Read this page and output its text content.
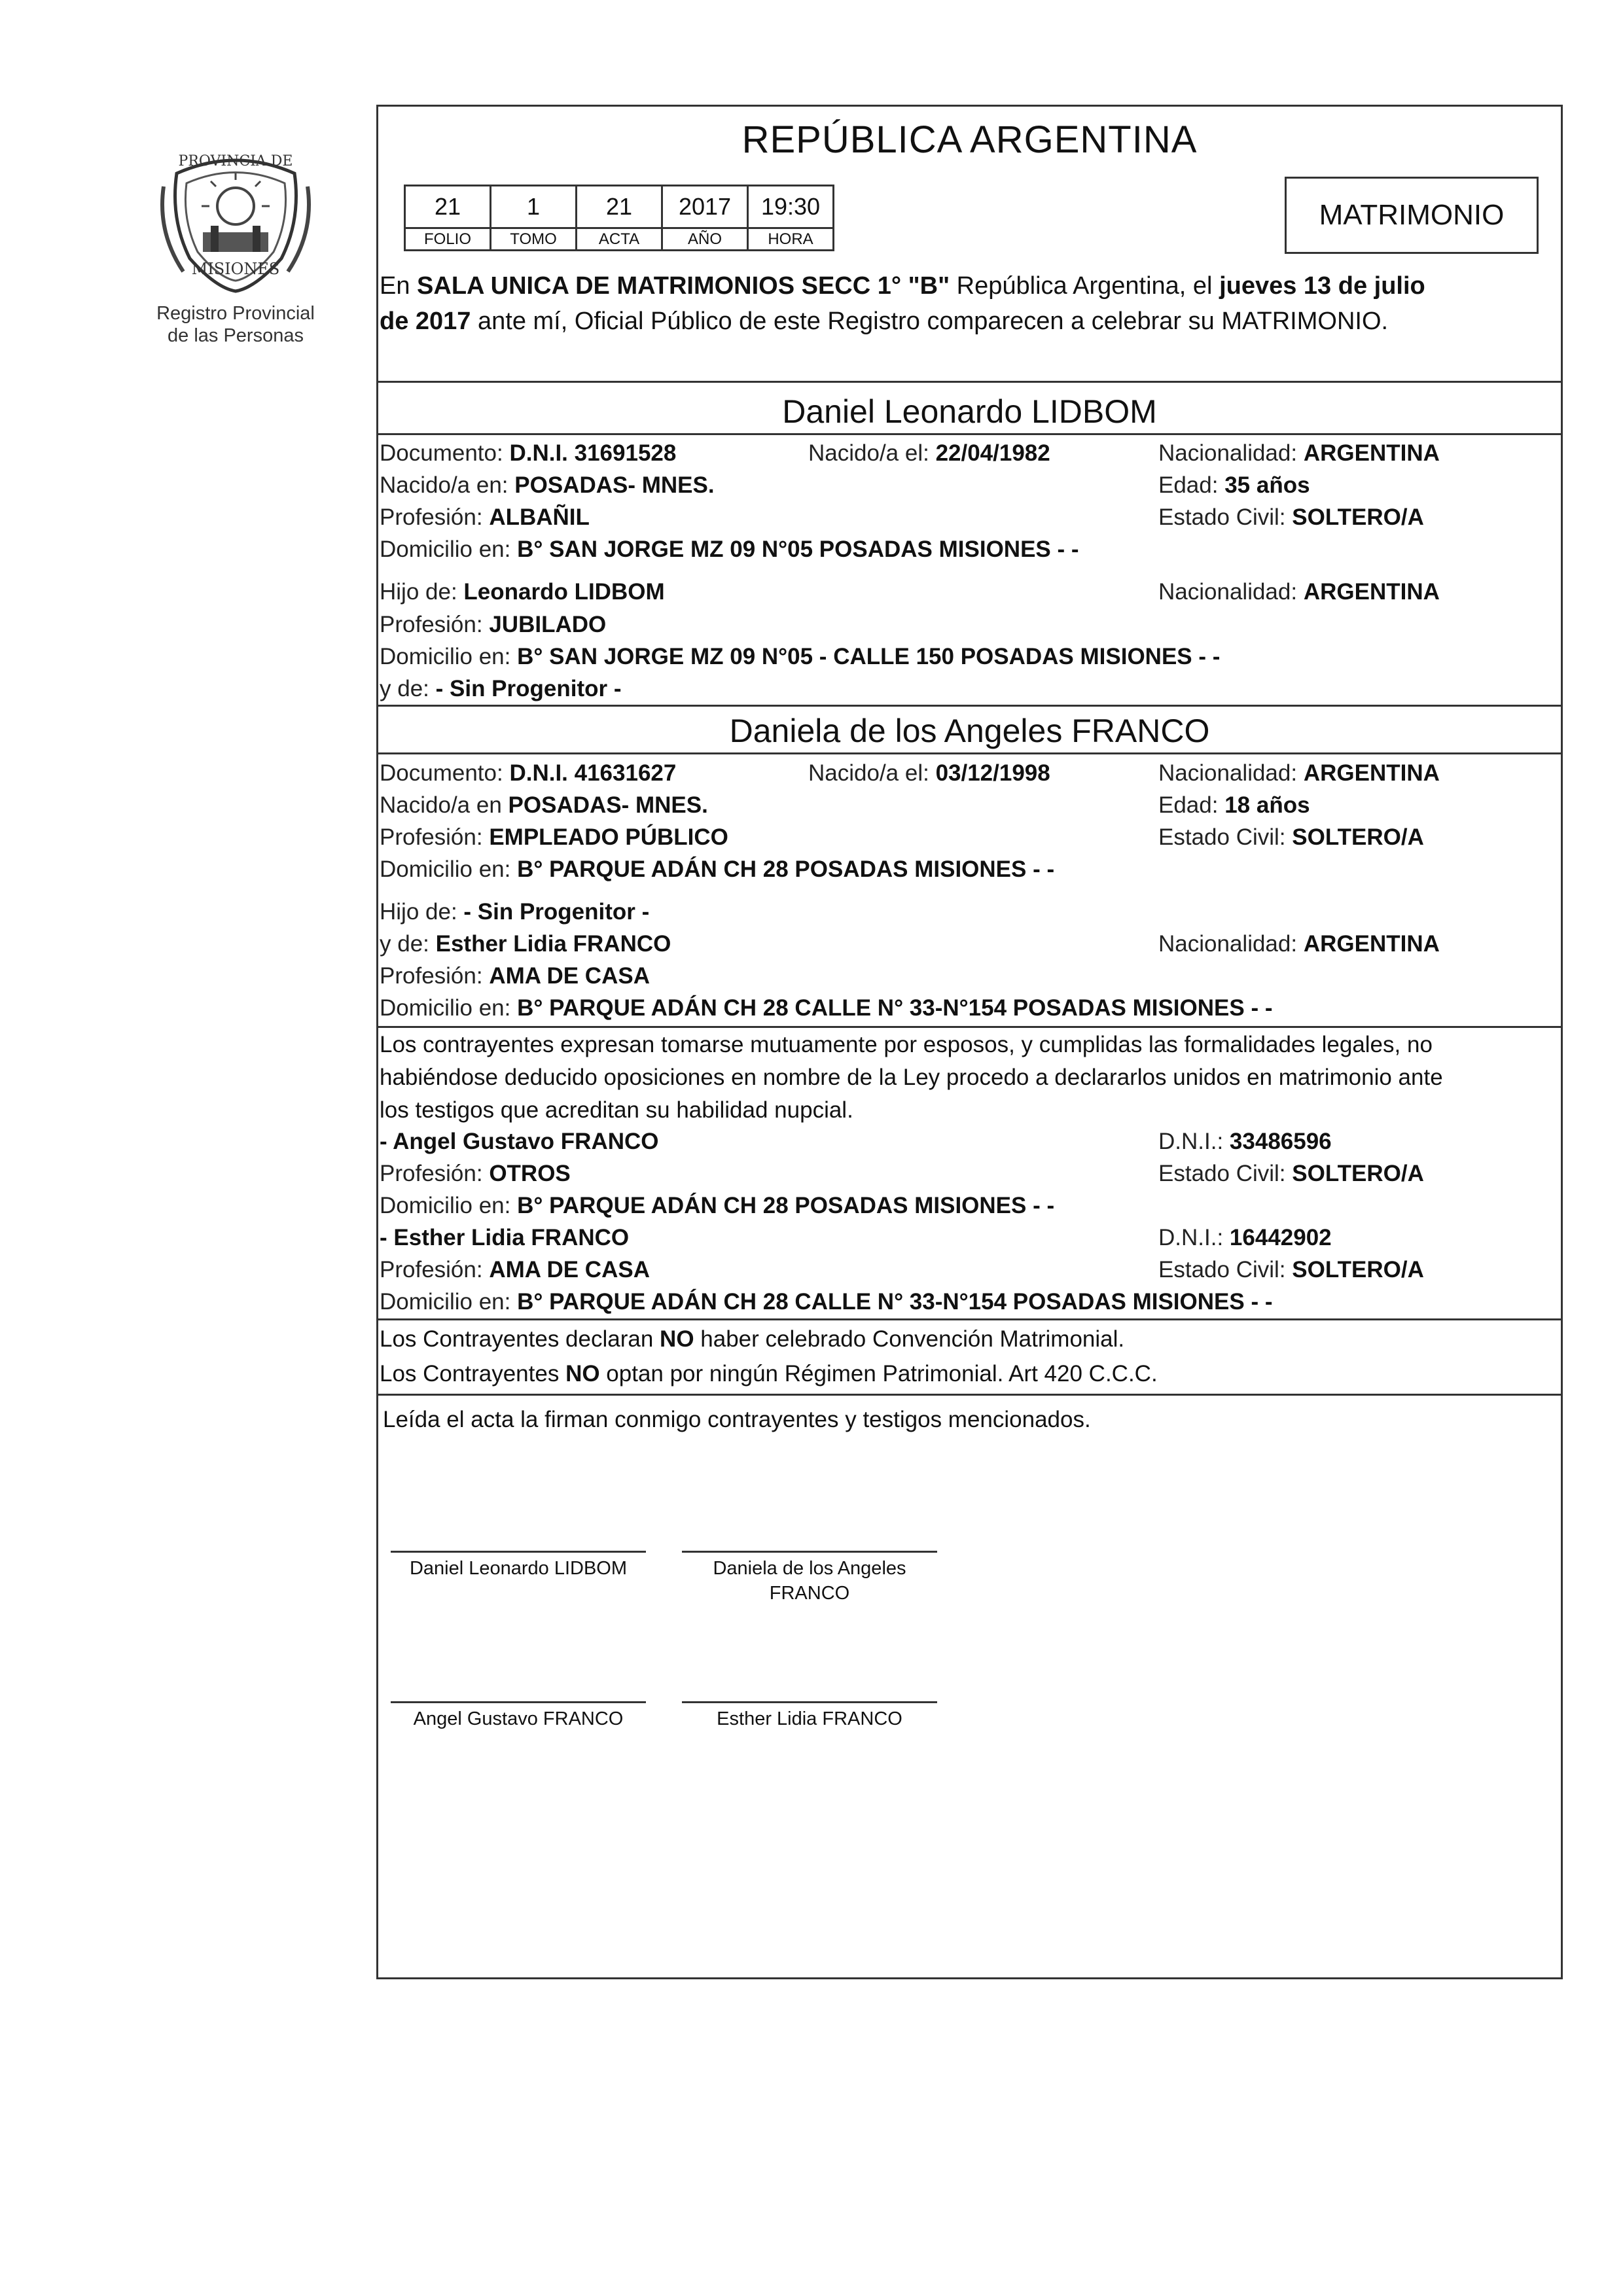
PROVINCIA DE
MISIONES
Registro Provincial
de las Personas
REPÚBLICA ARGENTINA
21	1	21	2017	19:30
FOLIO	TOMO	ACTA	AÑO	HORA
MATRIMONIO
En SALA UNICA DE MATRIMONIOS SECC 1° "B" República Argentina, el jueves 13 de julio
de 2017 ante mí, Oficial Público de este Registro comparecen a celebrar su MATRIMONIO.
Daniel Leonardo LIDBOM
Documento: D.N.I. 31691528	Nacido/a el: 22/04/1982	Nacionalidad: ARGENTINA
Nacido/a en: POSADAS- MNES.	Edad: 35 años
Profesión: ALBAÑIL	Estado Civil: SOLTERO/A
Domicilio en: B° SAN JORGE MZ 09 N°05 POSADAS MISIONES - -
Hijo de: Leonardo LIDBOM	Nacionalidad: ARGENTINA
Profesión: JUBILADO
Domicilio en: B° SAN JORGE MZ 09 N°05 - CALLE 150 POSADAS MISIONES - -
y de: - Sin Progenitor -
Daniela de los Angeles FRANCO
Documento: D.N.I. 41631627	Nacido/a el: 03/12/1998	Nacionalidad: ARGENTINA
Nacido/a en POSADAS- MNES.	Edad: 18 años
Profesión: EMPLEADO PÚBLICO	Estado Civil: SOLTERO/A
Domicilio en: B° PARQUE ADÁN CH 28 POSADAS MISIONES - -
Hijo de: - Sin Progenitor -
y de: Esther Lidia FRANCO	Nacionalidad: ARGENTINA
Profesión: AMA DE CASA
Domicilio en: B° PARQUE ADÁN CH 28 CALLE N° 33-N°154 POSADAS MISIONES - -
Los contrayentes expresan tomarse mutuamente por esposos, y cumplidas las formalidades legales, no
habiéndose deducido oposiciones en nombre de la Ley procedo a declararlos unidos en matrimonio ante
los testigos que acreditan su habilidad nupcial.
- Angel Gustavo FRANCO	D.N.I.: 33486596
Profesión: OTROS	Estado Civil: SOLTERO/A
Domicilio en: B° PARQUE ADÁN CH 28 POSADAS MISIONES - -
- Esther Lidia FRANCO	D.N.I.: 16442902
Profesión: AMA DE CASA	Estado Civil: SOLTERO/A
Domicilio en: B° PARQUE ADÁN CH 28 CALLE N° 33-N°154 POSADAS MISIONES - -
Los Contrayentes declaran NO haber celebrado Convención Matrimonial.
Los Contrayentes NO optan por ningún Régimen Patrimonial. Art 420 C.C.C.
Leída el acta la firman conmigo contrayentes y testigos mencionados.
Daniel Leonardo LIDBOM	Daniela de los Angeles
FRANCO
Angel Gustavo FRANCO	Esther Lidia FRANCO
